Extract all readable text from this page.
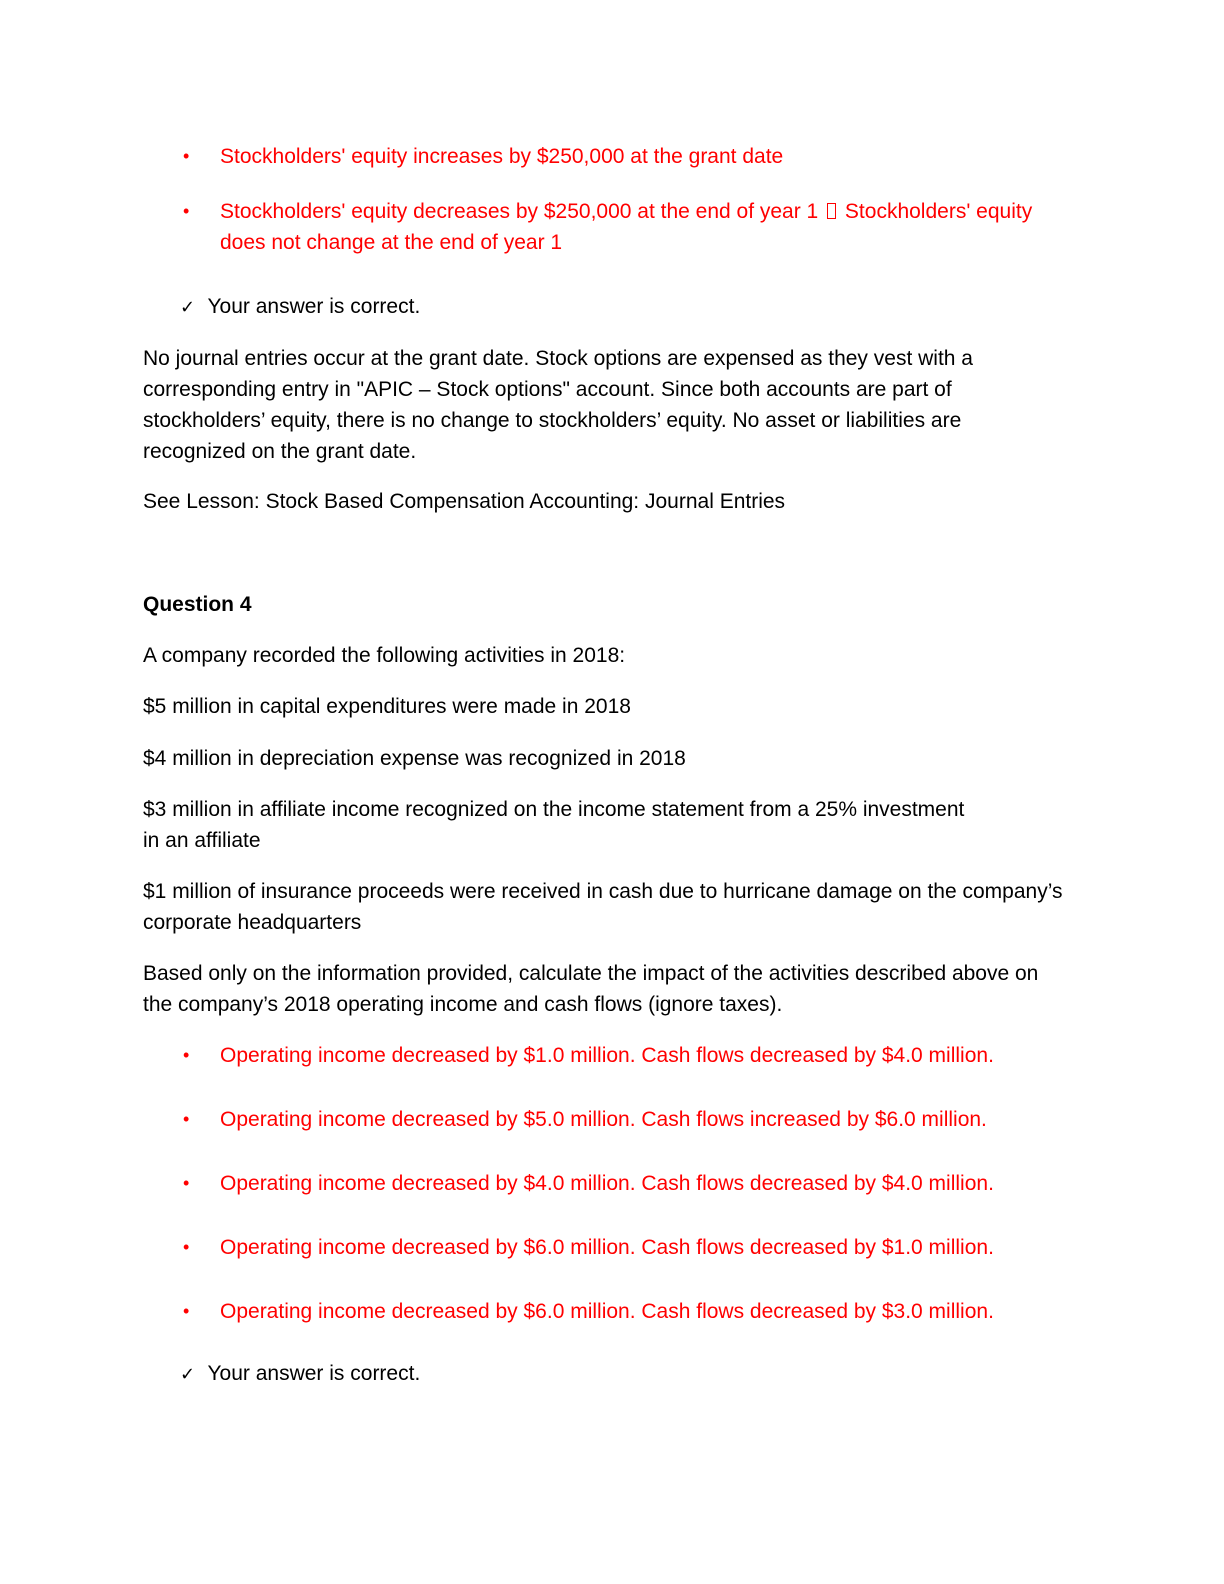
•	Stockholders' equity increases by $250,000 at the grant date
•	Stockholders' equity decreases by $250,000 at the end of year 1 Stockholders' equity does not change at the end of year 1
✓ Your answer is correct.

No journal entries occur at the grant date. Stock options are expensed as they vest with a corresponding entry in "APIC – Stock options" account. Since both accounts are part of stockholders’ equity, there is no change to stockholders’ equity. No asset or liabilities are recognized on the grant date.

See Lesson: Stock Based Compensation Accounting: Journal Entries

Question 4

A company recorded the following activities in 2018:

$5 million in capital expenditures were made in 2018

$4 million in depreciation expense was recognized in 2018

$3 million in affiliate income recognized on the income statement from a 25% investment in an affiliate

$1 million of insurance proceeds were received in cash due to hurricane damage on the company’s corporate headquarters

Based only on the information provided, calculate the impact of the activities described above on the company’s 2018 operating income and cash flows (ignore taxes).

•	Operating income decreased by $1.0 million. Cash flows decreased by $4.0 million.
•	Operating income decreased by $5.0 million. Cash flows increased by $6.0 million.
•	Operating income decreased by $4.0 million. Cash flows decreased by $4.0 million.
•	Operating income decreased by $6.0 million. Cash flows decreased by $1.0 million.
•	Operating income decreased by $6.0 million. Cash flows decreased by $3.0 million.
✓ Your answer is correct.
